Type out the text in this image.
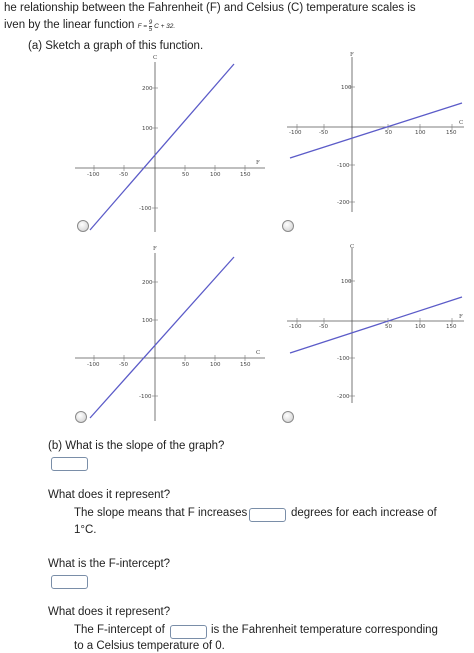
he relationship between the Fahrenheit (F) and Celsius (C) temperature scales is
iven by the linear function $F = \frac{9}{5}$ C + 32.
(a) Sketch a graph of this function.
C
F
-100	-50	50	100	150
200
100
-100
F
C
-100	-50	50	100	150
100
-100
-200
F
C
-100	-50	50	100	150
200
100
-100
C
F
-100	-50	50	100	150
100
-100
-200
(b) What is the slope of the graph?
What does it represent?
The slope means that F increases	degrees for each increase of
1°C.
What is the F-intercept?
What does it represent?
The F-intercept of	is the Fahrenheit temperature corresponding
to a Celsius temperature of 0.
